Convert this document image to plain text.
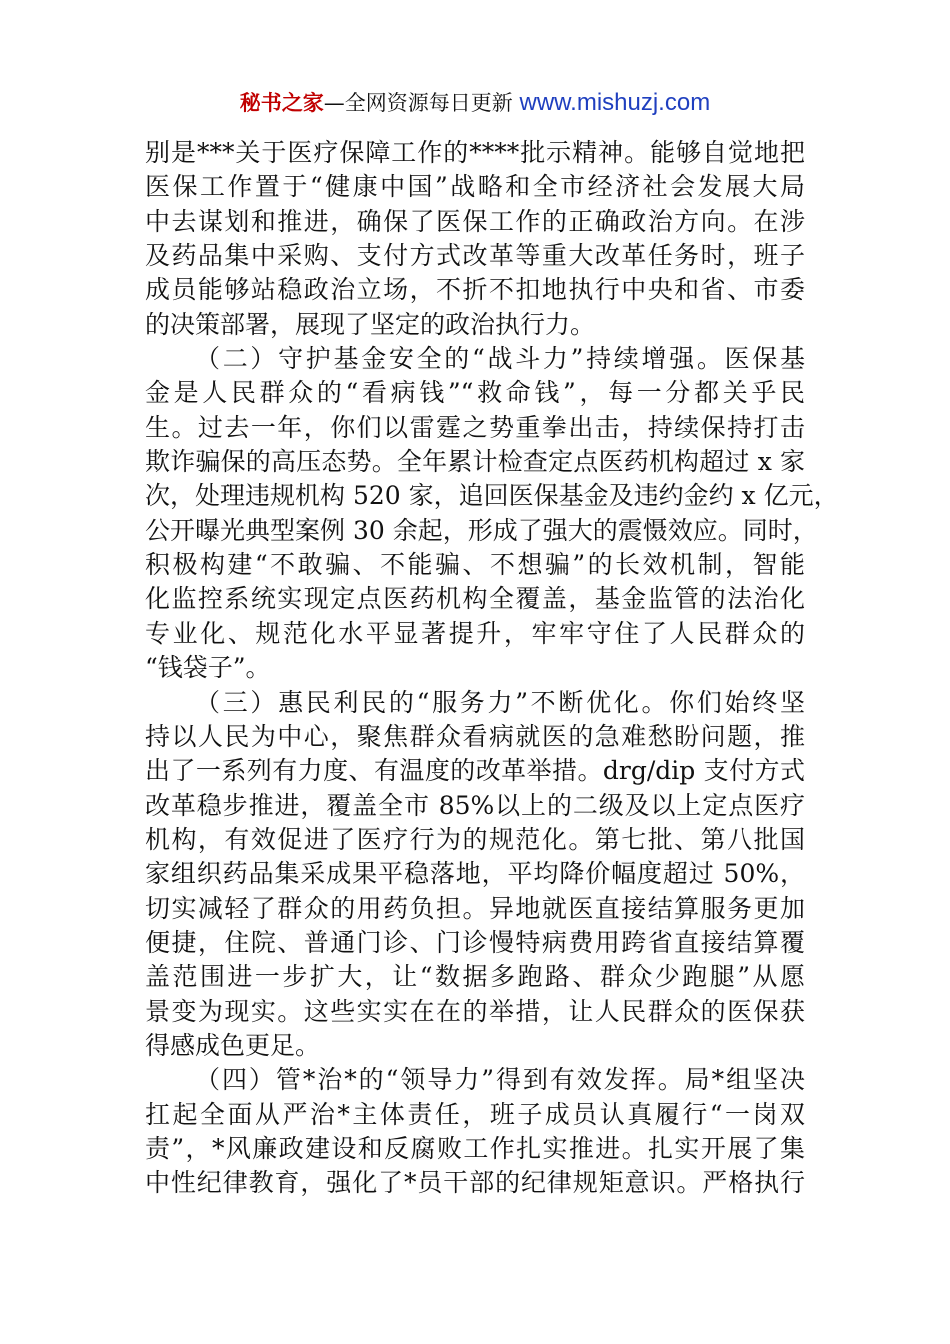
秘书之家—全网资源每日更新 www.mishuzj.com
别是***关于医疗保障工作的****批示精神。能够自觉地把
医保工作置于“健康中国”战略和全市经济社会发展大局
中去谋划和推进，确保了医保工作的正确政治方向。在涉
及药品集中采购、支付方式改革等重大改革任务时，班子
成员能够站稳政治立场，不折不扣地执行中央和省、市委
的决策部署，展现了坚定的政治执行力。
（二）守护基金安全的“战斗力”持续增强。医保基
金是人民群众的“看病钱”“救命钱”，每一分都关乎民
生。过去一年，你们以雷霆之势重拳出击，持续保持打击
欺诈骗保的高压态势。全年累计检查定点医药机构超过 x 家
次，处理违规机构 520 家，追回医保基金及违约金约 x 亿元，
公开曝光典型案例 30 余起，形成了强大的震慑效应。同时，
积极构建“不敢骗、不能骗、不想骗”的长效机制，智能
化监控系统实现定点医药机构全覆盖，基金监管的法治化
专业化、规范化水平显著提升，牢牢守住了人民群众的
“钱袋子”。
（三）惠民利民的“服务力”不断优化。你们始终坚
持以人民为中心，聚焦群众看病就医的急难愁盼问题，推
出了一系列有力度、有温度的改革举措。drg/dip 支付方式
改革稳步推进，覆盖全市 85%以上的二级及以上定点医疗
机构，有效促进了医疗行为的规范化。第七批、第八批国
家组织药品集采成果平稳落地，平均降价幅度超过 50%，
切实减轻了群众的用药负担。异地就医直接结算服务更加
便捷，住院、普通门诊、门诊慢特病费用跨省直接结算覆
盖范围进一步扩大，让“数据多跑路、群众少跑腿”从愿
景变为现实。这些实实在在的举措，让人民群众的医保获
得感成色更足。
（四）管*治*的“领导力”得到有效发挥。局*组坚决
扛起全面从严治*主体责任，班子成员认真履行“一岗双
责”，*风廉政建设和反腐败工作扎实推进。扎实开展了集
中性纪律教育，强化了*员干部的纪律规矩意识。严格执行
